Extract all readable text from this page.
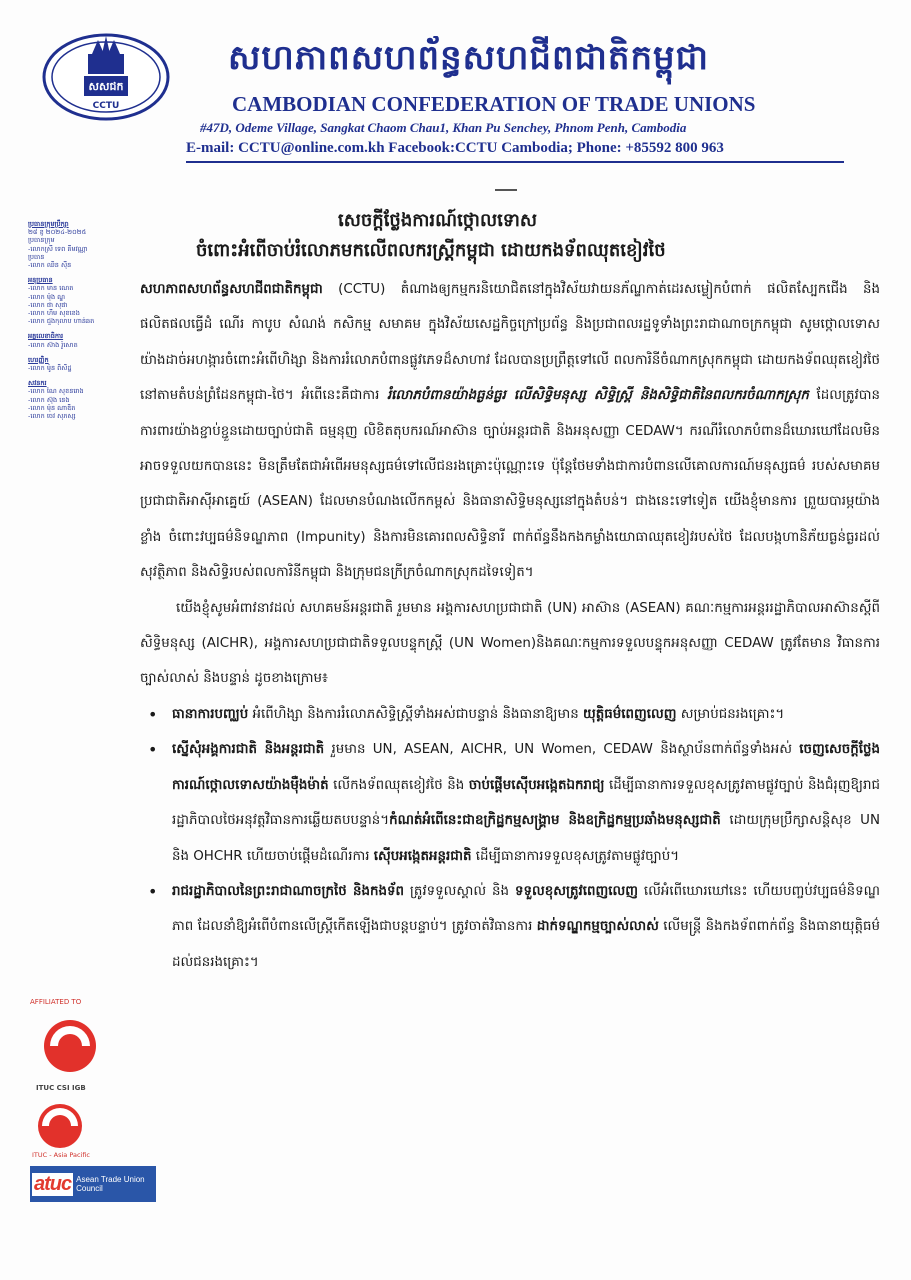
សសជក
CCTU
សហភាពសហព័ន្ធសហជីពជាតិកម្ពុជា
CAMBODIAN CONFEDERATION OF TRADE UNIONS
#47D, Odeme Village, Sangkat Chaom Chau1, Khan Pu Senchey, Phnom Penh, Cambodia
E-mail: CCTU@online.com.kh Facebook:CCTU Cambodia; Phone: +85592 800 963
ប្រធានក្រុមប្រឹក្សា
២៨ ខ្ញ ២០២៤-២០២៥
ប្រធានក្រុម
-លោកស្រី ទេព គឹមវណ្ណា
ប្រធាន
-លោក ឈិន ស៊ីន
អនុប្រធាន
-លោក មាន ណេត
-លោក ម៉ុង ណ្ឌូ
-លោក ផា សុផា
-លោក ហឹម សុខខេង
-លោក ជួងកុលាប ហាន់ឆត
អគ្គលេខាធិការ
-លោក ស៊ាង រ៉ូសោត
ហេរញ្ញិក
-លោក ម៉ូន ពិសិដ្ឋ
សវនករ
-លោក ណៃ សុខនរោង
-លោក ស៊ុង នេង
-លោក ម៉ុន ណាឌិត
-លោក ចេវ សុភស្ស
AFFILIATED TO
ITUC CSI IGB
ITUC - Asia Pacific
atuc Asean Trade Union Council
សេចក្តីថ្លែងការណ៍ថ្កោលទោស
ចំពោះអំពើចាប់រំលោភមកលើពលករស្ត្រីកម្ពុជា ដោយកងទ័ពឈុតខៀវថៃ

សហភាពសហព័ន្ធសហជីពជាតិកម្ពុជា (CCTU) តំណាងឲ្យកម្មករនិយោជិតនៅក្នុងវិស័យវាយនភ័ណ្ឌកាត់ដេរសម្លៀកបំពាក់ ផលិតស្បែកជើង និងផលិតផលធ្វើដំ ណើរ កាបូប សំណង់ កសិកម្ម សមាគម ក្នុងវិស័យសេដ្ឋកិច្ចក្រៅប្រព័ន្ធ និងប្រជាពលរដ្ឋទូទាំងព្រះរាជាណាចក្រកម្ពុជា សូមថ្កោលទោសយ៉ាងដាច់អហង្ការចំពោះអំពើហិង្សា និងការរំលោភបំពានផ្លូវភេទដ៏សាហាវ ដែលបានប្រព្រឹត្តទៅលើ ពលការិនីចំណាកស្រុកកម្ពុជា ដោយកងទ័ពឈុតខៀវថៃនៅតាមតំបន់ព្រំដែនកម្ពុជា-ថៃ។ អំពើនេះគឺជាការ រំលោភបំពានយ៉ាងធ្ងន់ធ្ងរ លើសិទ្ធិមនុស្ស សិទ្ធិស្ត្រី និងសិទ្ធិជាតិនៃពលករចំណាកស្រុក ដែលត្រូវបានការពារយ៉ាងខ្ជាប់ខ្ជួនដោយច្បាប់ជាតិ ធម្មនុញ លិខិតតុបករណ៍អាស៊ាន ច្បាប់អន្តរជាតិ និងអនុសញ្ញា CEDAW។ ករណីរំលោភបំពានដ៏ឃោរឃៅដែលមិនអាចទទួលយកបាននេះ មិនត្រឹមតែជាអំពើអមនុស្សធម៌ទៅលើជនរងគ្រោះប៉ុណ្ណោះទេ ប៉ុន្តែថែមទាំងជាការបំពានលើគោលការណ៍មនុស្សធម៌ របស់សមាគមប្រជាជាតិអាស៊ីអាគ្នេយ៍ (ASEAN) ដែលមានបំណងលើកកម្ពស់ និងធានាសិទ្ធិមនុស្សនៅក្នុងតំបន់។ ជាងនេះទៅទៀត យើងខ្ញុំមានការ ព្រួយបារម្ភយ៉ាងខ្លាំង ចំពោះវប្បធម៌និទណ្ឌភាព (Impunity) និងការមិនគោរពលសិទ្ធិនារី ពាក់ព័ន្ធនឹងកងកម្លាំងយោធាឈុតខៀវរបស់ថៃ ដែលបង្កហានិភ័យធ្ងន់ធ្ងរដល់សុវត្ថិភាព និងសិទ្ធិរបស់ពលការិនីកម្ពុជា និងក្រុមជនក្រីក្រចំណាកស្រុកដទៃទៀត។

យើងខ្ញុំសូមអំពាវនាវដល់ សហគមន៍អន្តរជាតិ រួមមាន អង្គការសហប្រជាជាតិ (UN) អាស៊ាន (ASEAN) គណៈកម្មការអន្តររដ្ឋាភិបាលអាស៊ានស្តីពីសិទ្ធិមនុស្ស (AICHR), អង្គការសហប្រជាជាតិទទួលបន្ទុកស្ត្រី (UN Women)និងគណៈកម្មការទទួលបន្ទុកអនុសញ្ញា CEDAW ត្រូវតែមាន វិធានការច្បាស់លាស់ និងបន្ទាន់ ដូចខាងក្រោម៖

• ធានាការបញ្ឈប់ អំពើហិង្សា និងការរំលោភសិទ្ធិស្ត្រីទាំងអស់ជាបន្ទាន់ និងធានាឱ្យមាន យុត្តិធម៌ពេញលេញ សម្រាប់ជនរងគ្រោះ។
• ស្នើសុំអង្គការជាតិ និងអន្តរជាតិ រួមមាន UN, ASEAN, AICHR, UN Women, CEDAW និងស្ថាប័នពាក់ព័ន្ធទាំងអស់ ចេញសេចក្តីថ្លែងការណ៍ថ្កោលទោសយ៉ាងម៉ឺងម៉ាត់ លើកងទ័ពឈុតខៀវថៃ និង ចាប់ផ្តើមស៊ើបអង្កេតឯករាជ្យ ដើម្បីធានាការទទួលខុសត្រូវតាមផ្លូវច្បាប់ និងជំរុញឱ្យរាជរដ្ឋាភិបាលថៃអនុវត្តវិធានការឆ្លើយតបបន្ទាន់។កំណត់អំពើនេះជាឧក្រិដ្ឋកម្មសង្គ្រាម និងឧក្រិដ្ឋកម្មប្រឆាំងមនុស្សជាតិ ដោយក្រុមប្រឹក្សាសន្តិសុខ UN និង OHCHR ហើយចាប់ផ្តើមដំណើរការ ស៊ើបអង្កេតអន្តរជាតិ ដើម្បីធានាការទទួលខុសត្រូវតាមផ្លូវច្បាប់។
• រាជរដ្ឋាភិបាលនៃព្រះរាជាណាចក្រថៃ និងកងទ័ព ត្រូវទទួលស្គាល់ និង ទទួលខុសត្រូវពេញលេញ លើអំពើឃោរឃៅនេះ ហើយបញ្ចប់វប្បធម៌និទណ្ឌភាព ដែលនាំឱ្យអំពើបំពានលើស្ត្រីកើតឡើងជាបន្តបន្ទាប់។ ត្រូវចាត់វិធានការ ដាក់ទណ្ឌកម្មច្បាស់លាស់ លើមន្ត្រី និងកងទ័ពពាក់ព័ន្ធ និងធានាយុត្តិធម៌ដល់ជនរងគ្រោះ។
